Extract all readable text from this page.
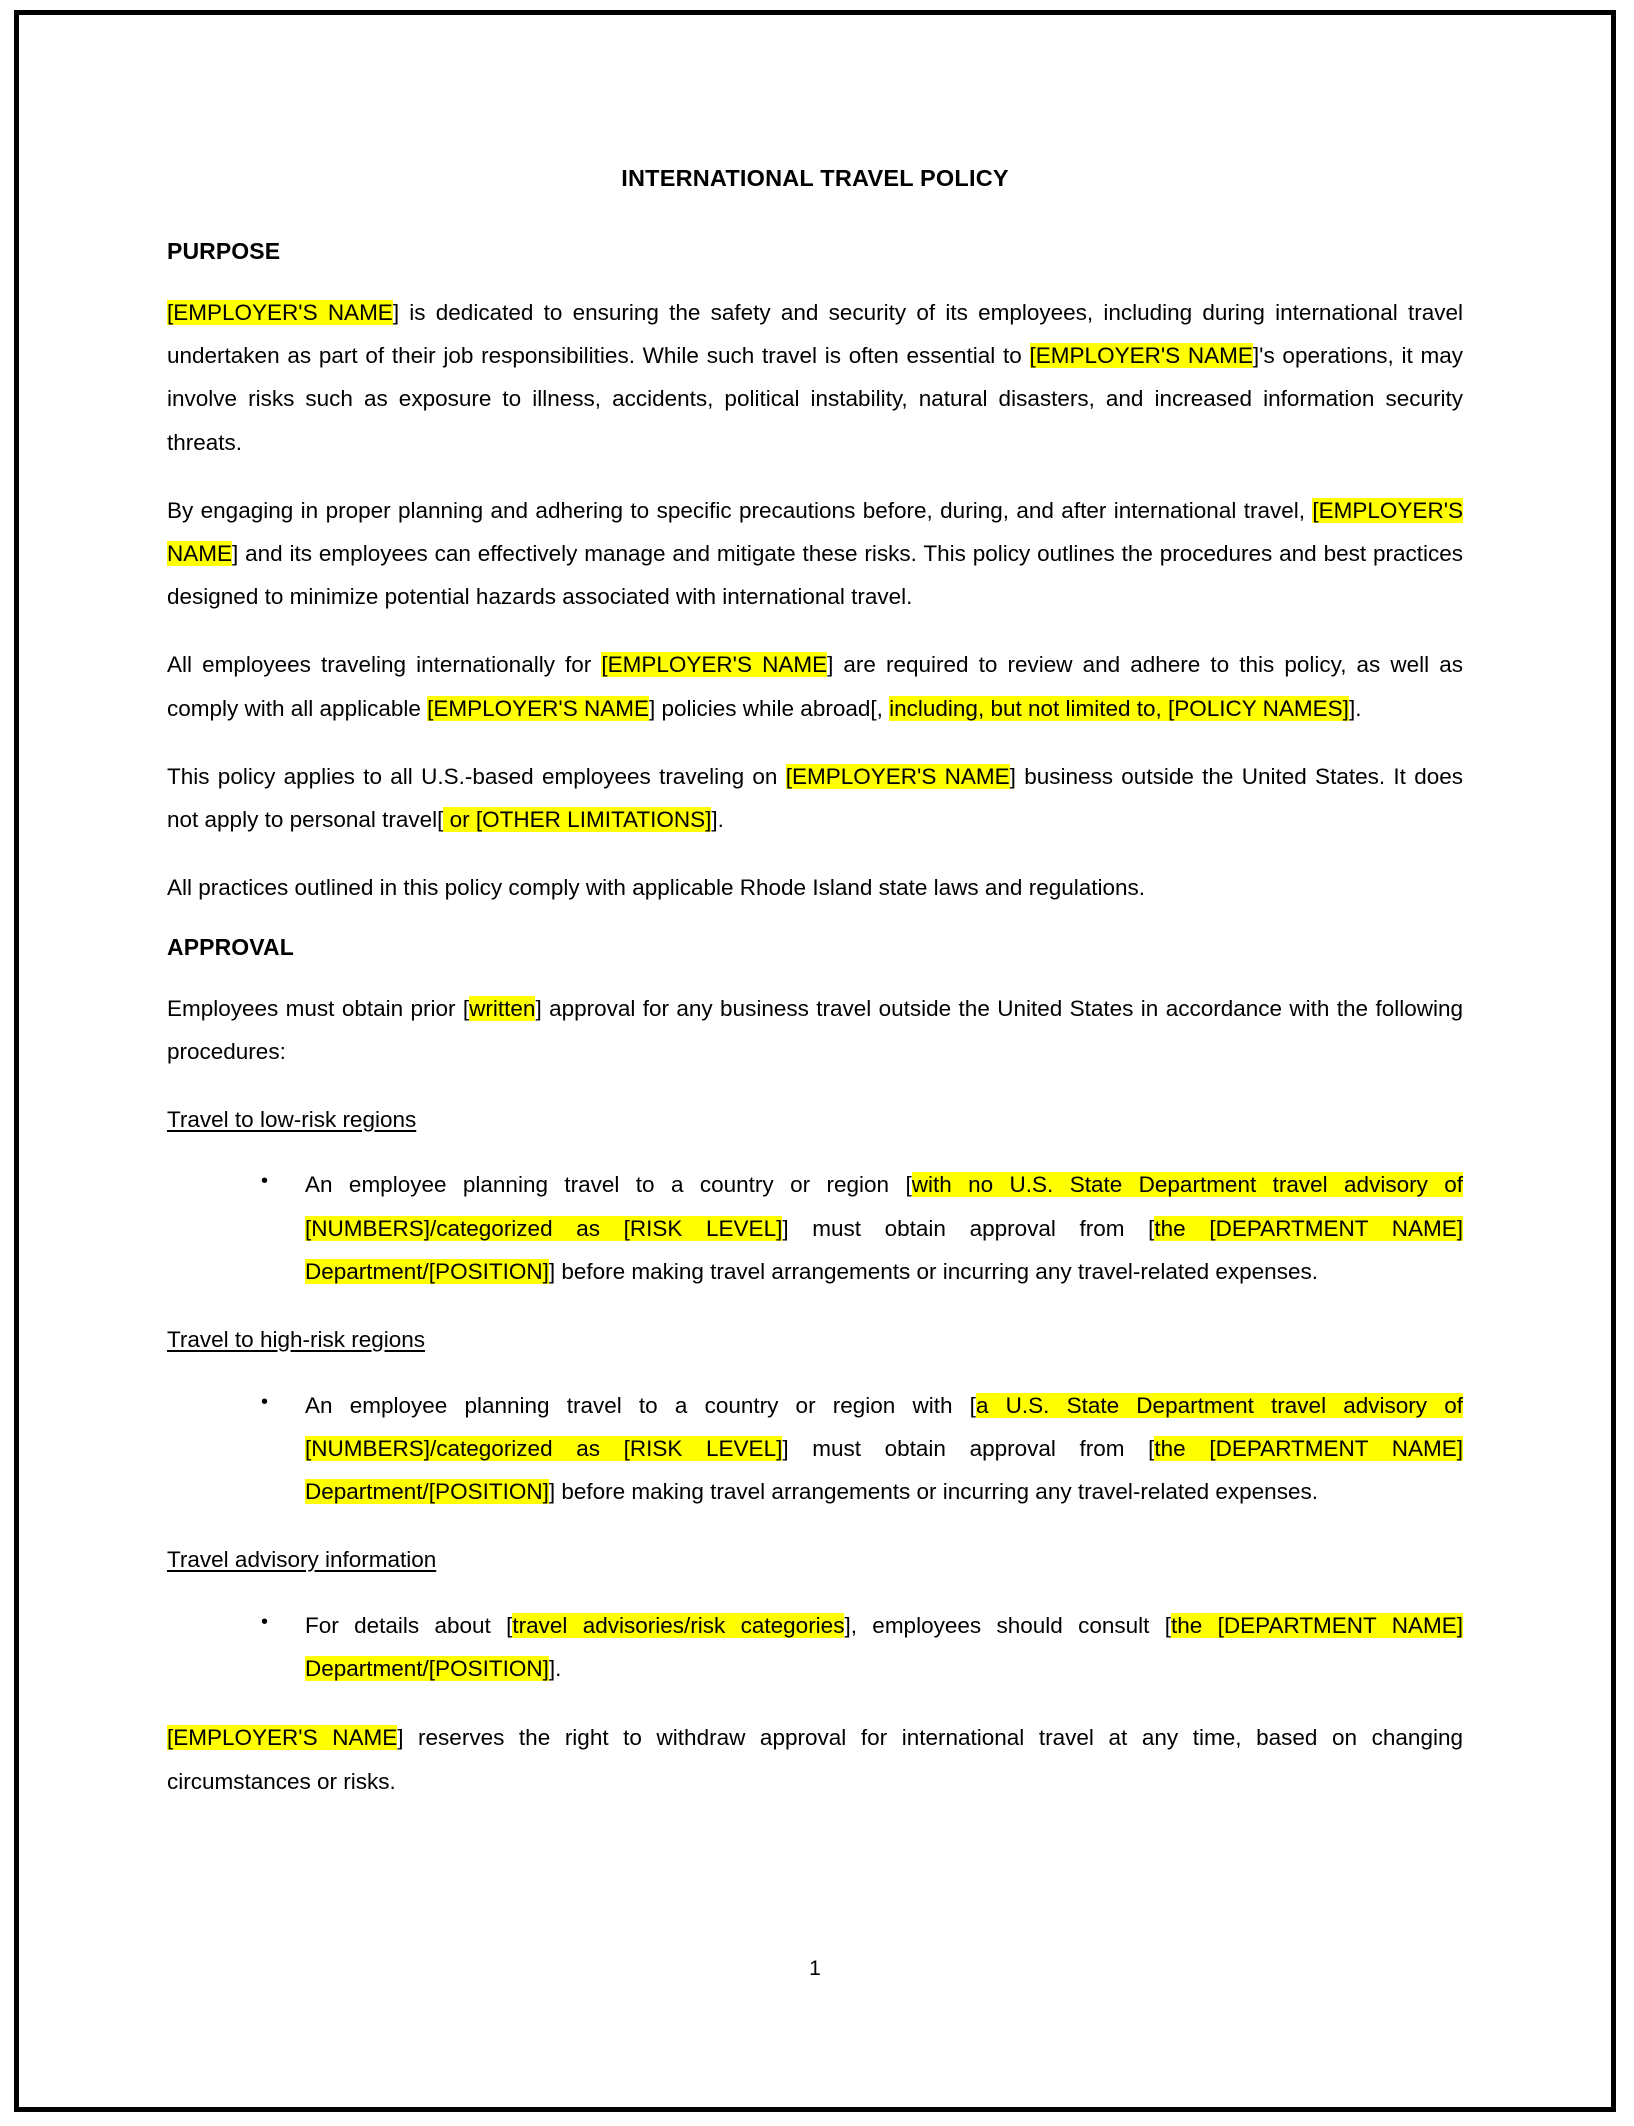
INTERNATIONAL TRAVEL POLICY
PURPOSE

[EMPLOYER'S NAME] is dedicated to ensuring the safety and security of its employees, including during international travel undertaken as part of their job responsibilities. While such travel is often essential to [EMPLOYER'S NAME]'s operations, it may involve risks such as exposure to illness, accidents, political instability, natural disasters, and increased information security threats.

By engaging in proper planning and adhering to specific precautions before, during, and after international travel, [EMPLOYER'S NAME] and its employees can effectively manage and mitigate these risks. This policy outlines the procedures and best practices designed to minimize potential hazards associated with international travel.

All employees traveling internationally for [EMPLOYER'S NAME] are required to review and adhere to this policy, as well as comply with all applicable [EMPLOYER'S NAME] policies while abroad[, including, but not limited to, [POLICY NAMES]].

This policy applies to all U.S.-based employees traveling on [EMPLOYER'S NAME] business outside the United States. It does not apply to personal travel[ or [OTHER LIMITATIONS]].

All practices outlined in this policy comply with applicable Rhode Island state laws and regulations.

APPROVAL

Employees must obtain prior [written] approval for any business travel outside the United States in accordance with the following procedures:

Travel to low-risk regions
• An employee planning travel to a country or region [with no U.S. State Department travel advisory of [NUMBERS]/categorized as [RISK LEVEL]] must obtain approval from [the [DEPARTMENT NAME] Department/[POSITION]] before making travel arrangements or incurring any travel-related expenses.
Travel to high-risk regions
• An employee planning travel to a country or region with [a U.S. State Department travel advisory of [NUMBERS]/categorized as [RISK LEVEL]] must obtain approval from [the [DEPARTMENT NAME] Department/[POSITION]] before making travel arrangements or incurring any travel-related expenses.
Travel advisory information
• For details about [travel advisories/risk categories], employees should consult [the [DEPARTMENT NAME] Department/[POSITION]].

[EMPLOYER'S NAME] reserves the right to withdraw approval for international travel at any time, based on changing circumstances or risks.

1
